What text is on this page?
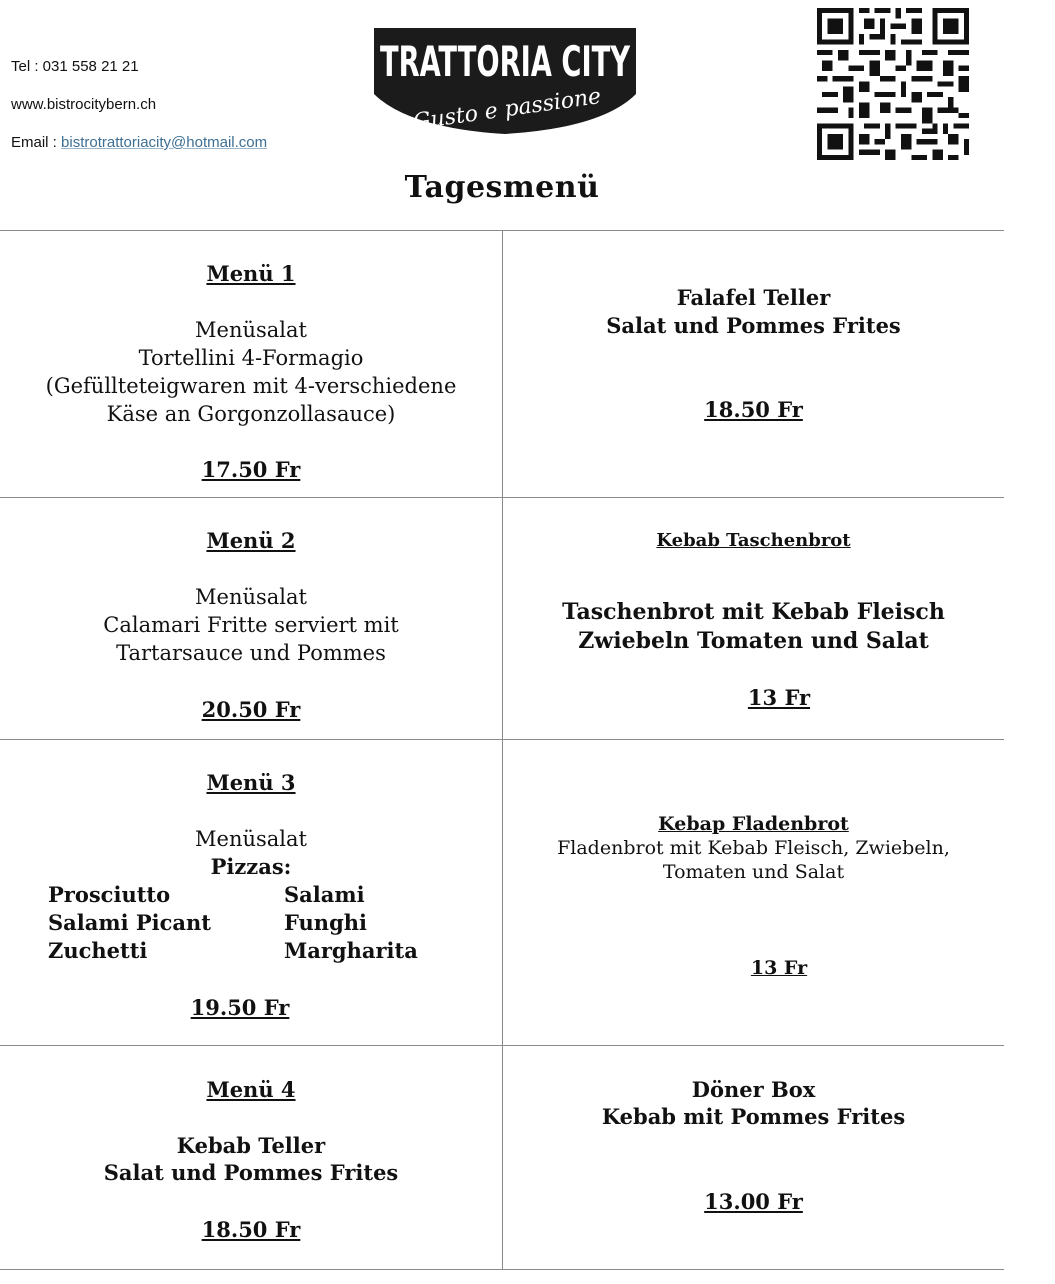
Tel : 031 558 21 21
www.bistrocitybern.ch
Email : bistrotrattoriacity@hotmail.com
TRATTORIA CITY
Gusto e passione
Tagesmenü
Menü 1
Menüsalat
Tortellini 4-Formagio
(Gefüllteteigwaren mit 4-verschiedene
Käse an Gorgonzollasauce)
17.50 Fr
Falafel Teller
Salat und Pommes Frites
18.50 Fr
Menü 2
Menüsalat
Calamari Fritte serviert mit
Tartarsauce und Pommes
20.50 Fr
Kebab Taschenbrot
Taschenbrot mit Kebab Fleisch
Zwiebeln Tomaten und Salat
13 Fr
Menü 3
Menüsalat
Pizzas:
Prosciutto
Salami Picant
Zuchetti
Salami
Funghi
Margharita
19.50 Fr
Kebap Fladenbrot
Fladenbrot mit Kebab Fleisch, Zwiebeln,
Tomaten und Salat
13 Fr
Menü 4
Kebab Teller
Salat und Pommes Frites
18.50 Fr
Döner Box
Kebab mit Pommes Frites
13.00 Fr
